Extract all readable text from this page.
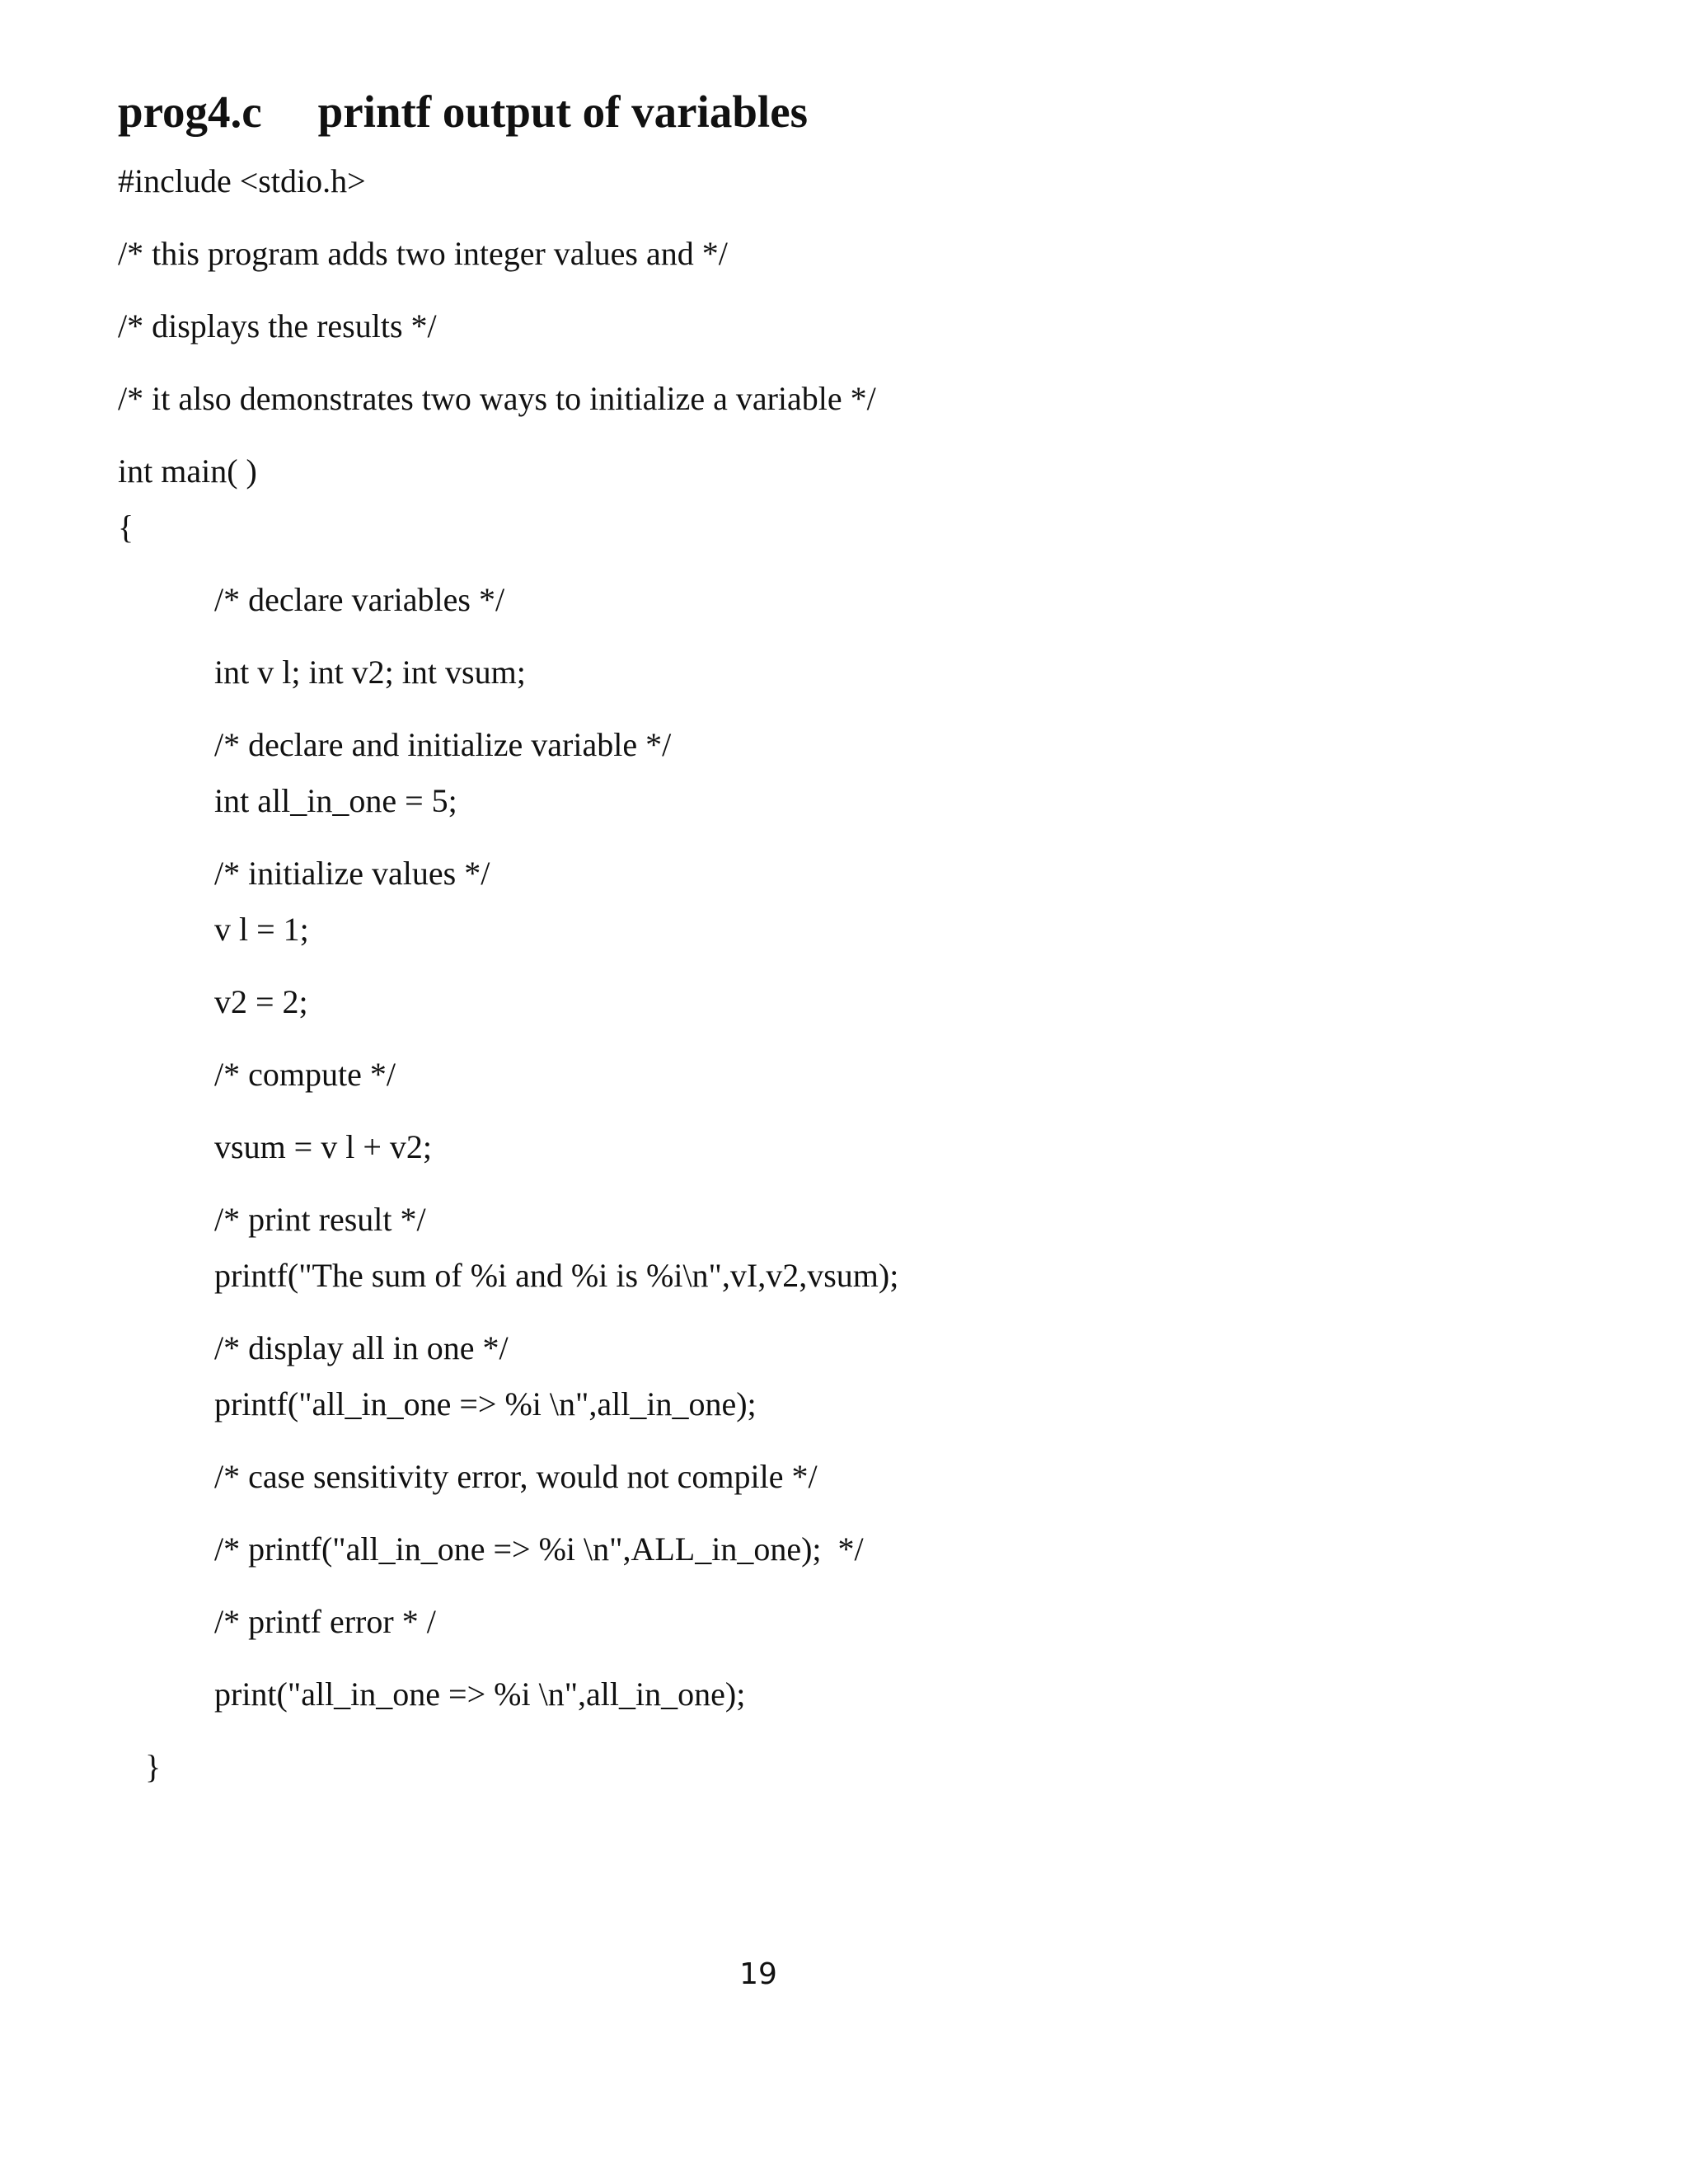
prog4.c printf output of variables
#include <stdio.h>
/* this program adds two integer values and */
/* displays the results */
/* it also demonstrates two ways to initialize a variable */
int main( )
{
/* declare variables */
int v l; int v2; int vsum;
/* declare and initialize variable */
int all_in_one = 5;
/* initialize values */
v l = 1;
v2 = 2;
/* compute */
vsum = v l + v2;
/* print result */
printf("The sum of %i and %i is %i\n",vI,v2,vsum);
/* display all in one */
printf("all_in_one => %i \n",all_in_one);
/* case sensitivity error, would not compile */
/* printf("all_in_one => %i \n",ALL_in_one);  */
/* printf error * /
print("all_in_one => %i \n",all_in_one);
}
19
